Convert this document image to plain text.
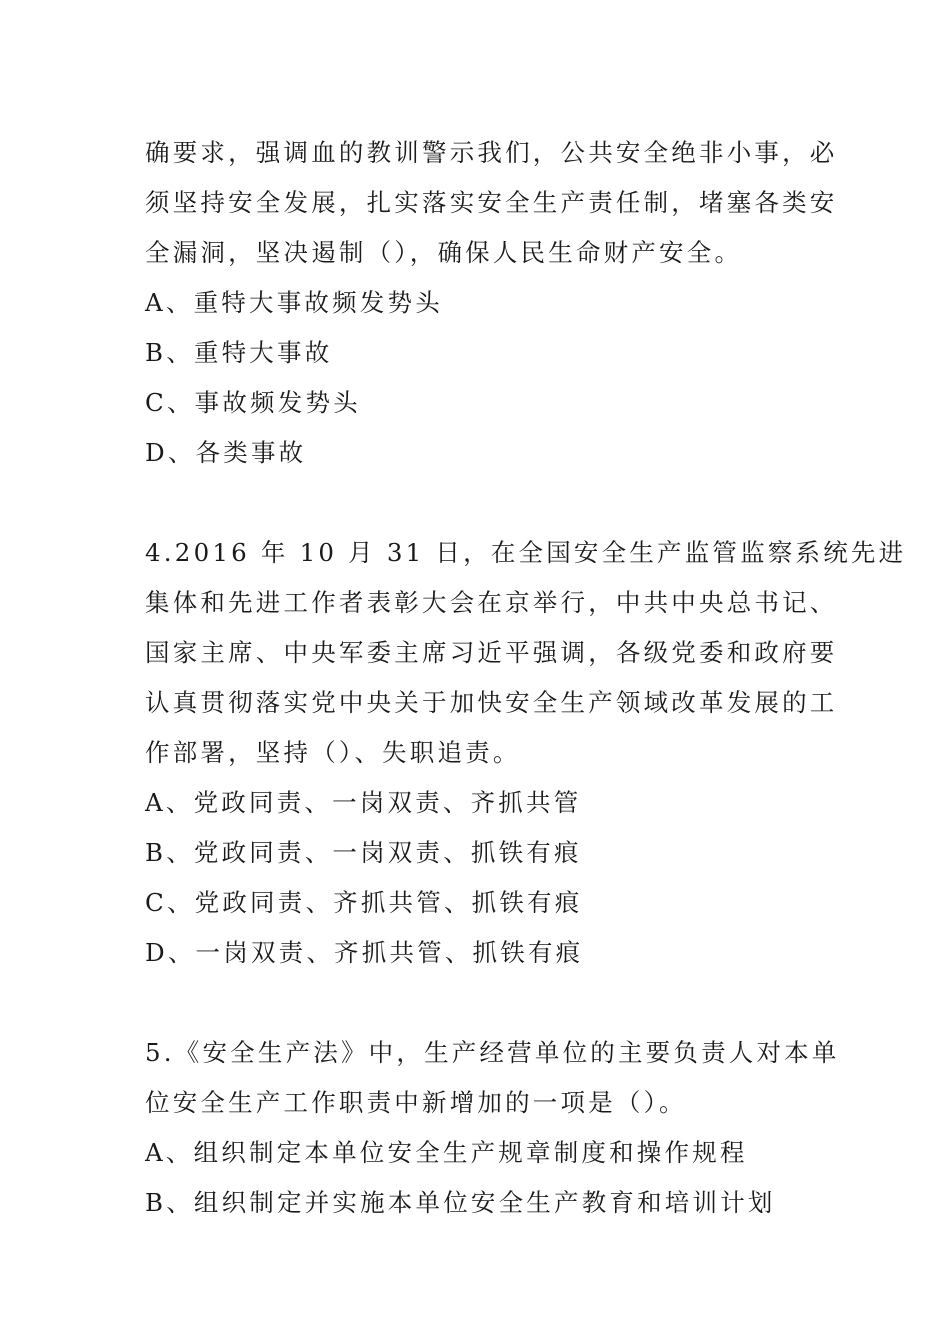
确要求，强调血的教训警示我们，公共安全绝非小事，必
须坚持安全发展，扎实落实安全生产责任制，堵塞各类安
全漏洞，坚决遏制（），确保人民生命财产安全。

A、重特大事故频发势头

B、重特大事故

C、事故频发势头

D、各类事故

4.2016 年 10 月 31 日，在全国安全生产监管监察系统先进
集体和先进工作者表彰大会在京举行，中共中央总书记、
国家主席、中央军委主席习近平强调，各级党委和政府要
认真贯彻落实党中央关于加快安全生产领域改革发展的工
作部署，坚持（）、失职追责。

A、党政同责、一岗双责、齐抓共管

B、党政同责、一岗双责、抓铁有痕

C、党政同责、齐抓共管、抓铁有痕

D、一岗双责、齐抓共管、抓铁有痕

5.《安全生产法》中，生产经营单位的主要负责人对本单
位安全生产工作职责中新增加的一项是（）。

A、组织制定本单位安全生产规章制度和操作规程

B、组织制定并实施本单位安全生产教育和培训计划
